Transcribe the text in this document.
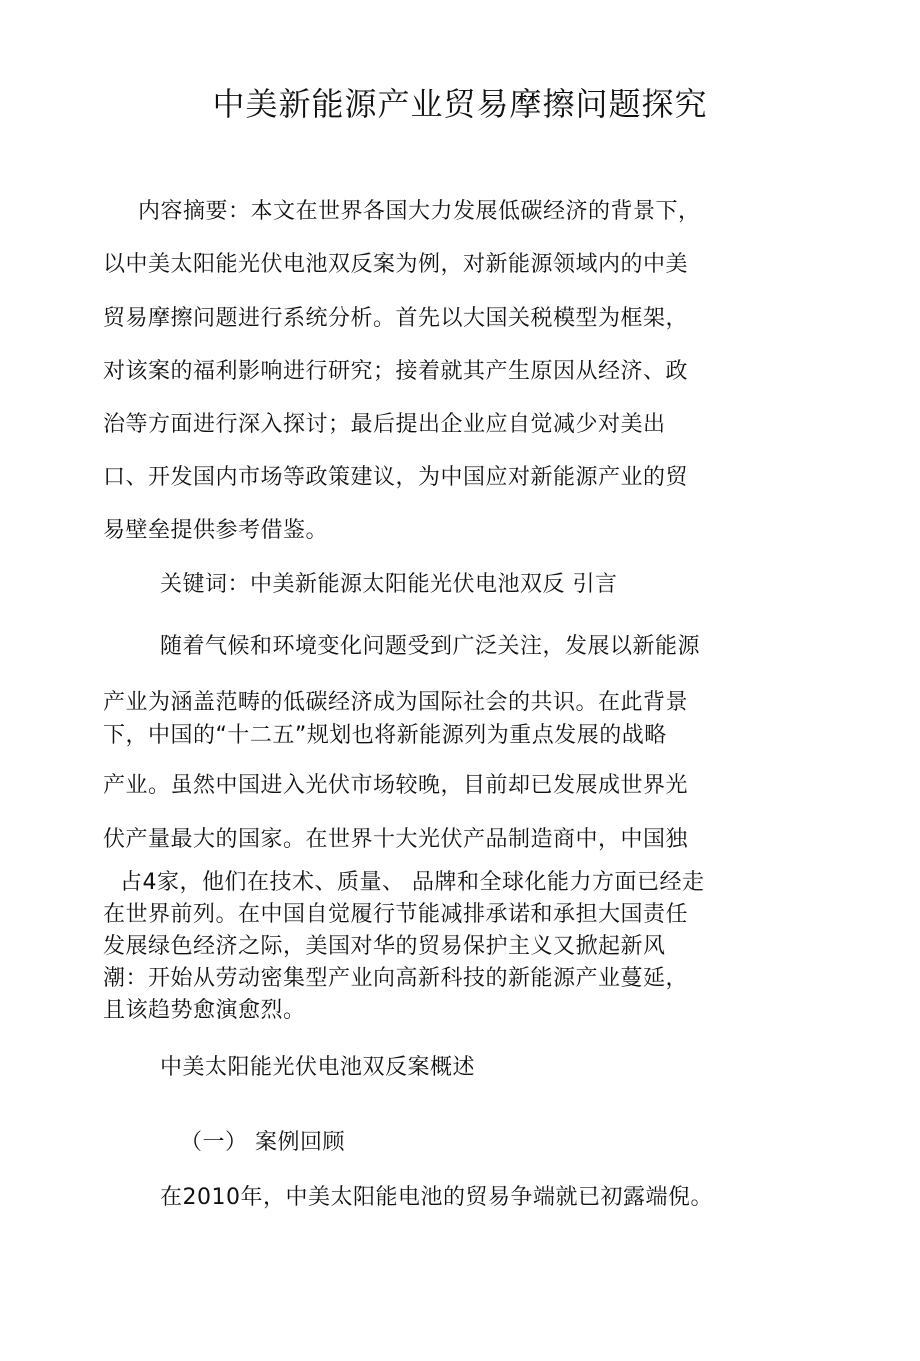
中美新能源产业贸易摩擦问题探究
内容摘要：本文在世界各国大力发展低碳经济的背景下，
以中美太阳能光伏电池双反案为例，对新能源领域内的中美
贸易摩擦问题进行系统分析。首先以大国关税模型为框架，
对该案的福利影响进行研究；接着就其产生原因从经济、政
治等方面进行深入探讨；最后提出企业应自觉减少对美出
口、开发国内市场等政策建议，为中国应对新能源产业的贸
易壁垒提供参考借鉴。
关键词：中美新能源太阳能光伏电池双反 引言
随着气候和环境变化问题受到广泛关注，发展以新能源
产业为涵盖范畴的低碳经济成为国际社会的共识。在此背景
下，中国的“十二五”规划也将新能源列为重点发展的战略
产业。虽然中国进入光伏市场较晚，目前却已发展成世界光
伏产量最大的国家。在世界十大光伏产品制造商中，中国独
占4家，他们在技术、质量、 品牌和全球化能力方面已经走
在世界前列。在中国自觉履行节能减排承诺和承担大国责任
发展绿色经济之际，美国对华的贸易保护主义又掀起新风
潮：开始从劳动密集型产业向高新科技的新能源产业蔓延，
且该趋势愈演愈烈。
中美太阳能光伏电池双反案概述
（一） 案例回顾
在2010年，中美太阳能电池的贸易争端就已初露端倪。
